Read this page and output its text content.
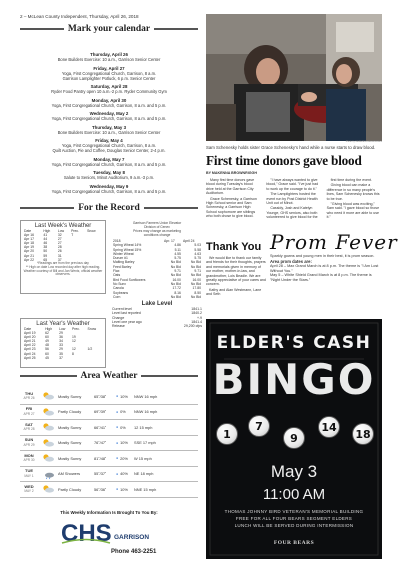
2 – McLean County Independent, Thursday, April 26, 2018
Mark your calendar
Thursday, April 26
Bone Builders Exercise: 10 a.m., Garrison Senior Center
Friday, April 27
Yoga, First Congregational Church, Garrison, 8 a.m.
Garrison Lamplighter Potluck, 6 p.m. Senior Center
Saturday, April 28
Ryder Food Pantry open 10 a.m.-2 p.m. Ryder Community Gym
Monday, April 30
Yoga, First Congregational Church, Garrison, 8 a.m. and 5 p.m.
Wednesday, May 2
Yoga, First Congregational Church, Garrison, 8 a.m. and 5 p.m.
Thursday, May 3
Bone Builders Exercise: 10 a.m., Garrison Senior Center
Friday, May 4
Yoga, First Congregational Church, Garrison, 8 a.m.
Quilt Auction, Pie and Coffee, Douglas Senior Center, 2-4 p.m.
Monday, May 7
Yoga, First Congregational Church, Garrison, 8 a.m. and 5 p.m.
Tuesday, May 8
Salute to Seniors, Minot Auditorium, 9 a.m.-3 p.m.
Wednesday, May 9
Yoga, First Congregational Church, Garrison, 8 a.m. and 5 p.m.
For the Record
Last Week's Weather
Date	High	Low	Prec.	Snow
Apr 16	41	32	T	
Apr 17	44	27		
Apr 18	46	27		
Apr 19	38	28		
Apr 20	50	26		
Apr 21	59	31		
Apr 22	65	37		
*Readings are from the previous day
** High on date Low recorded day after high reading. Weather courtesy of Bill and Jan Wentz, official weather observers.
Last Year's Weather
Date	High	Low	Prec.	Snow
April 19	62	29		
April 20	60	36	19	
April 21	49	34	12	
April 22	48	33		
April 23	56	29	12	1/2
April 24	60	35	8	
April 25	45	37		
Garrison Farmers Union Elevator
Division of Cenex
Prices may change as marketing
conditions change
2018	Apr. 17	April 24
Spring Wheat 14%	4.86	5.03
Spring Wheat 15%	5.11	5.58
Winter Wheat	4.55	4.63
Durum #1	5.75	5.75
Malting Barley	No Bid	No Bid
Feed Barley	No Bid	No Bid
Flax	9.71	9.71
Oats	No Bid	No Bid
Bird Food Sunflowers	16.00	16.00
No Sunx	No Bid	No Bid
Canola	17.72	17.80
Soybeans	8.16	8.50
Corn	No Bid	No Bid
Lake Level
Current level	1841.1
Level last reported	1840.2
Change	+.9
Level one year ago	1841.4
Release	29,200 cfps
Area Weather
THU
APR 26	Mostly Sunny	65˚/38˚	● 10% NNW 16 mph
FRI
APR 27	Partly Cloudy	69˚/39˚	● 0% NNW 16 mph
SAT
APR 28	Mostly Sunny	66˚/41˚	● 0% 12 15 mph
SUN
APR 29	Mostly Sunny	76˚/47˚	● 10% SSE 17 mph
MON
APR 30	Mostly Sunny	81˚/48˚	● 20% W 15 mph
TUE
MAY 1	AM Showers	55˚/37˚	● 40% NE 18 mph
WED
MAY 2	Partly Cloudy	56˚/36˚	● 10% NNE 15 mph
This Weekly Information Is Brought To You By:
CHS GARRISON
Phone 463-2251
Photo by MAKENNA BROWNRIGG
Sam Schenesky holds sister Grace Schenesky's hand while a nurse starts to draw blood.
First time donors gave blood
BY MAKENNA BROWNRIGGH

Many first time donors gave blood during Tuesday's blood drive held at the Garrison City Auditorium.

Grace Schenesky, a Garrison High School senior and Sam Schenesky, a Garrison High School sophomore are siblings who both chose to give blood.

"I have always wanted to give blood," Grace said. "I've just had to work up the courage to do it."

The Lamplighters hosted the event run by Post District Health Unit out of Minot.

Cassidy, Josh and Katelyn Younge, GHS seniors, also both volunteered to give blood for the

first time during the event.

Giving blood can make a difference in so many people's lives, Sam Schenesky knows this to be true.

"Giving blood was exciting," Sam said. "I gave blood so those who need it more are able to use it."

Thank You

We would like to thank our family and friends for their thoughts, prayers and memorials given in memory of our mother, mother-in-law, and grandmother, Lois Beadle. We are greatly appreciative of your cares and concern.

Kathy and Alan Westmann, Lane and Seth

Prom Fever
Sparkly gowns and young men in their best, it is prom season.
Area prom dates are:
April 28 – Max Grand March is at 8 p.m. The theme is "I Am Lost Without You."
May 5 – White Shield Grand March is at 8 p.m. The theme is "Night Under the Stars."
ELDER'S CASH
BINGO
1
7
9
14
18
May 3
11:00 AM
THOMAS JOHNNY BIRD VETERAN'S MEMORIAL BUILDING
FREE FOR ALL FOUR BEARS SEGMENT ELDERS
LUNCH WILL BE SERVED DURING INTERMISSION
FOUR BEARS
